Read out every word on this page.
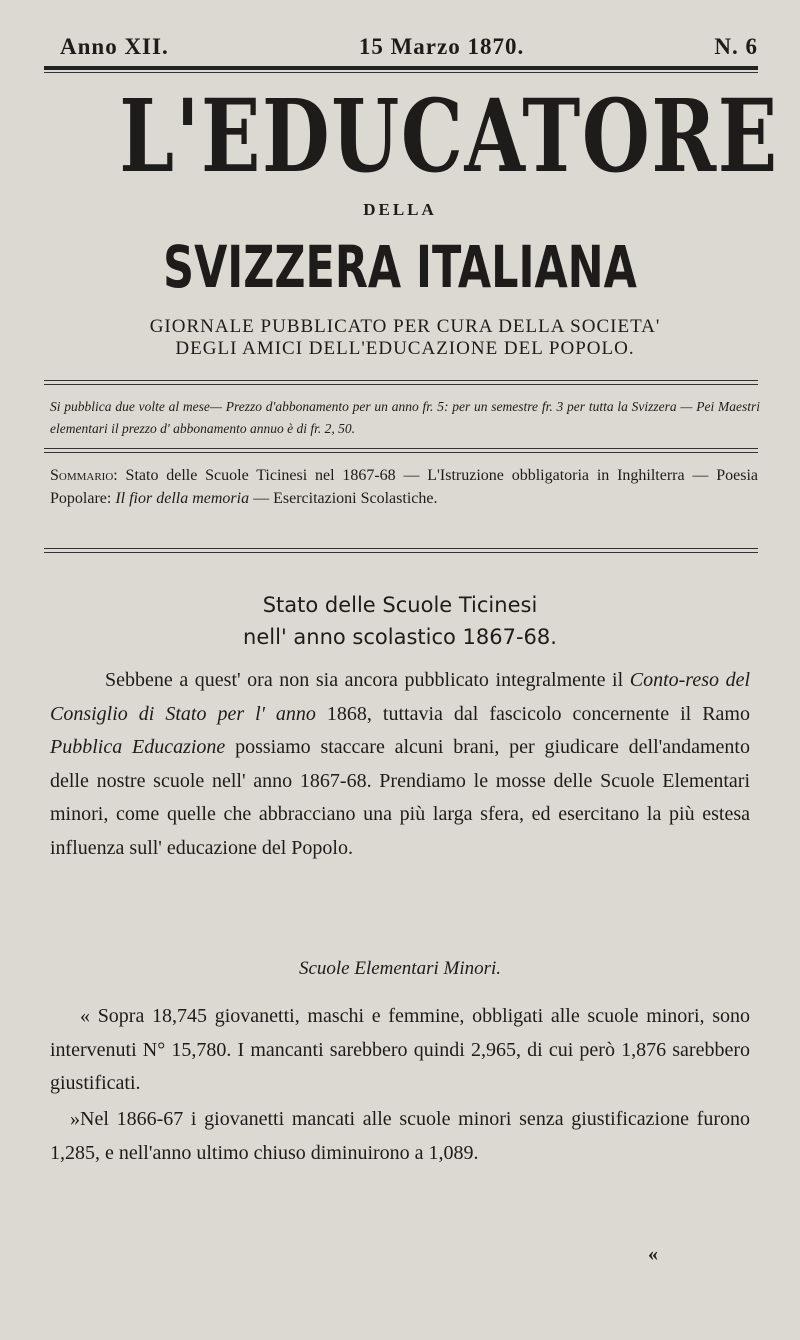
Anno XII.	15 Marzo 1870.	N. 6
L'EDUCATORE
DELLA
SVIZZERA ITALIANA
GIORNALE PUBBLICATO PER CURA DELLA SOCIETA'
DEGLI AMICI DELL'EDUCAZIONE DEL POPOLO.
Si pubblica due volte al mese— Prezzo d'abbonamento per un anno fr. 5: per un semestre fr. 3 per tutta la Svizzera — Pei Maestri elementari il prezzo d' abbonamento annuo è di fr. 2, 50.
Sommario: Stato delle Scuole Ticinesi nel 1867-68 — L'Istruzione obbligatoria in Inghilterra — Poesia Popolare: Il fior della memoria — Esercitazioni Scolastiche.
Stato delle Scuole Ticinesi
nell' anno scolastico 1867-68.
Sebbene a quest' ora non sia ancora pubblicato integralmente il Conto-reso del Consiglio di Stato per l' anno 1868, tuttavia dal fascicolo concernente il Ramo Pubblica Educazione possiamo staccare alcuni brani, per giudicare dell'andamento delle nostre scuole nell' anno 1867-68. Prendiamo le mosse delle Scuole Elementari minori, come quelle che abbracciano una più larga sfera, ed esercitano la più estesa influenza sull' educazione del Popolo.
Scuole Elementari Minori.
« Sopra 18,745 giovanetti, maschi e femmine, obbligati alle scuole minori, sono intervenuti N° 15,780. I mancanti sarebbero quindi 2,965, di cui però 1,876 sarebbero giustificati.
»Nel 1866-67 i giovanetti mancati alle scuole minori senza giustificazione furono 1,285, e nell'anno ultimo chiuso diminuirono a 1,089.
«
